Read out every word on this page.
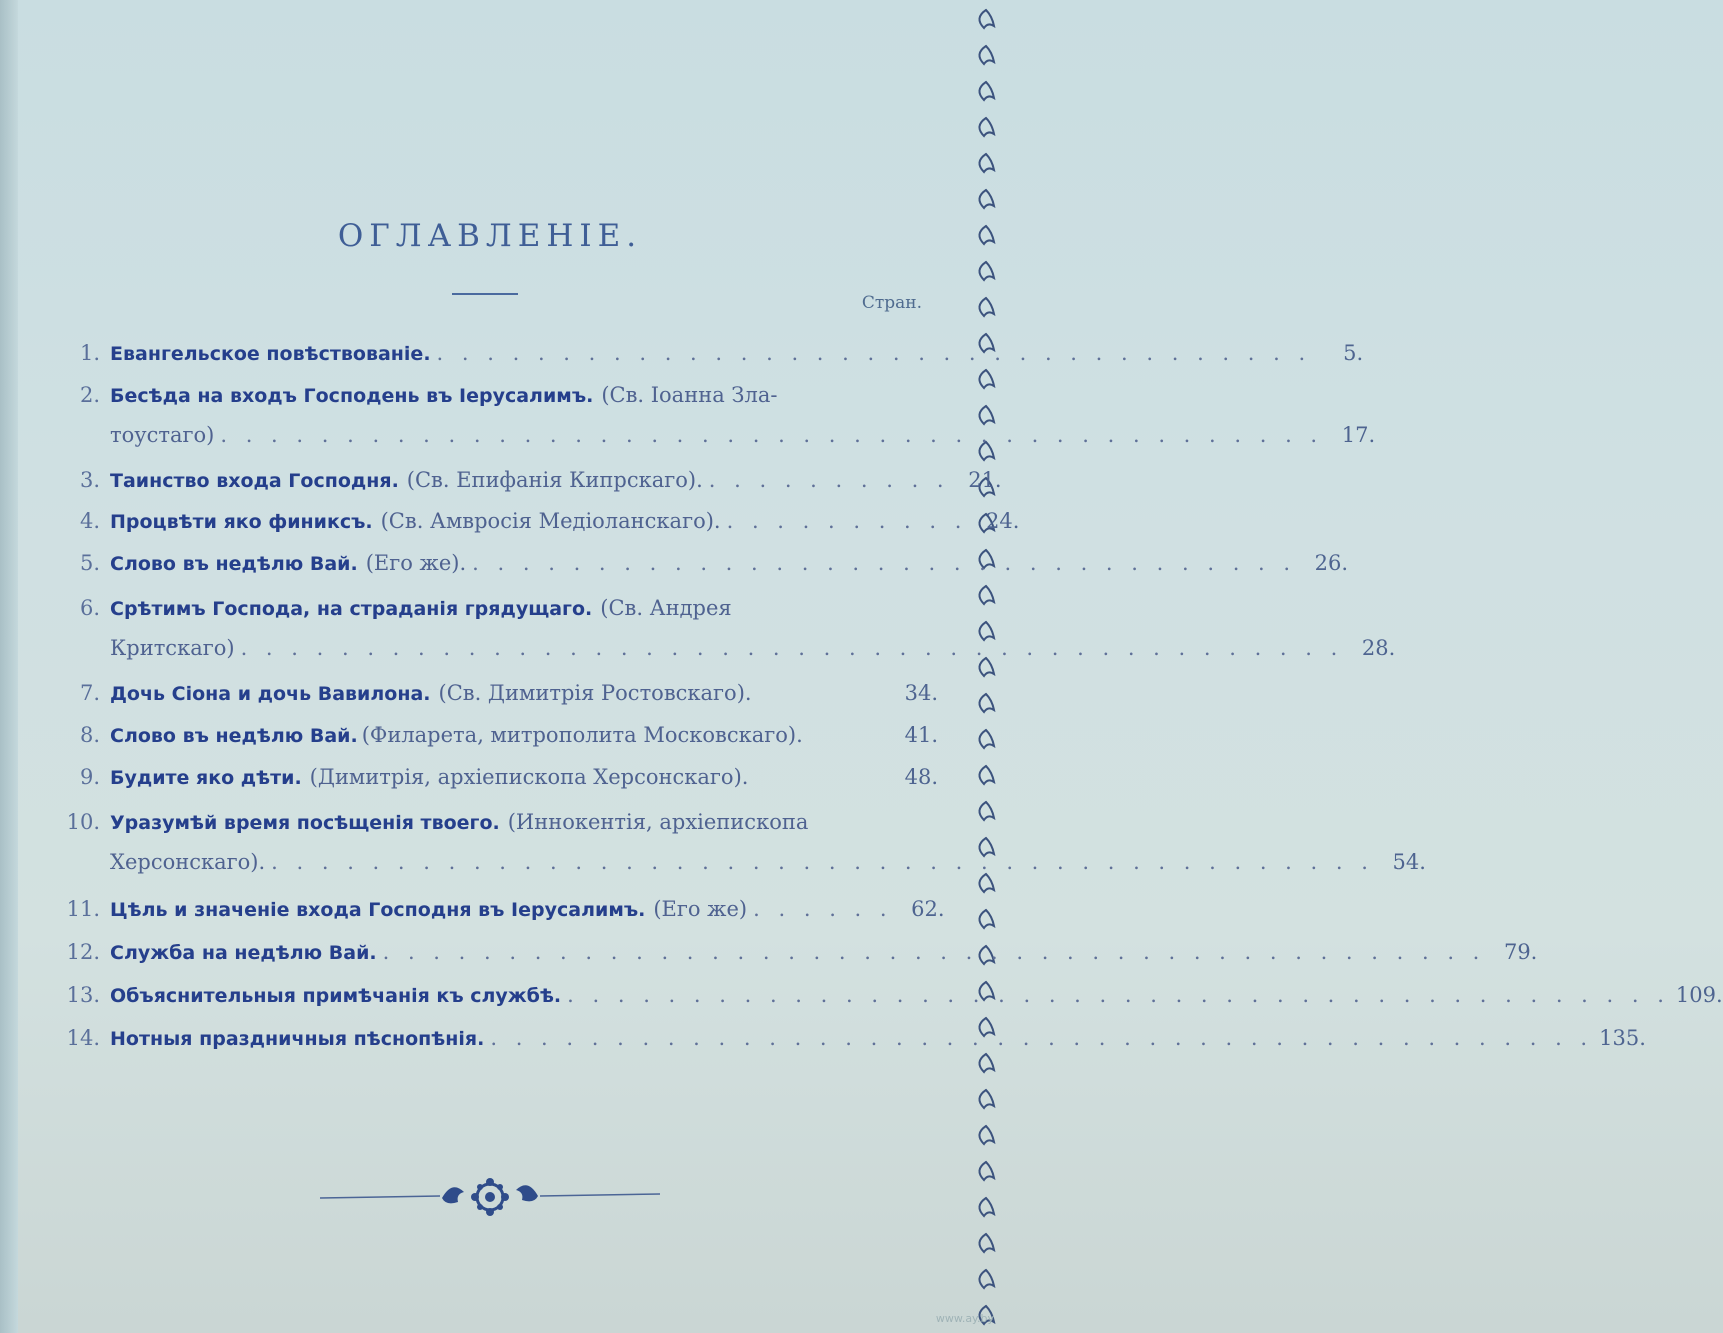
ОГЛАВЛЕНІЕ.
Стран.
1. Евангельское повѣствованіе. . . . . . . . . . . . . . . . . . . . . . . . . . . . . . . . . . . .	5.
2. Бесѣда на входъ Господень въ Іерусалимъ. (Св. Іоанна Зла-
тоустаго) . . . . . . . . . . . . . . . . . . . . . . . . . . . . . . . . . . . . . . . . . . . . 17.
3. Таинство входа Господня. (Св. Епифанія Кипрскаго). . . . . . . . . . . 21.
4. Процвѣти яко финиксъ. (Св. Амвросія Медіоланскаго). . . . . . . . . . . 24.
5. Слово въ недѣлю Вай. (Его же). . . . . . . . . . . . . . . . . . . . . . . . . . . . . . . . . . 26.
6. Срѣтимъ Господа, на страданія грядущаго. (Св. Андрея
Критскаго) . . . . . . . . . . . . . . . . . . . . . . . . . . . . . . . . . . . . . . . . . . . . 28.
7. Дочь Сіона и дочь Вавилона. (Св. Димитрія Ростовскаго).	34.
8. Слово въ недѣлю Вай. (Филарета, митрополита Московскаго).	41.
9. Будите яко дѣти. (Димитрія, архіепископа Херсонскаго).	48.
10. Уразумѣй время посѣщенія твоего. (Иннокентія, архіепископа
Херсонскаго). . . . . . . . . . . . . . . . . . . . . . . . . . . . . . . . . . . . . . . . . . . . . 54.
11. Цѣль и значеніе входа Господня въ Іерусалимъ. (Его же) . . . . . . 62.
12. Служба на недѣлю Вай. . . . . . . . . . . . . . . . . . . . . . . . . . . . . . . . . . . . . . . . . . . . . 79.
13. Объяснительныя примѣчанія къ службѣ. . . . . . . . . . . . . . . . . . . . . . . . . . . . . . . . . . . . . . . . . . . . . 109.
14. Нотныя праздничныя пѣснопѣнія. . . . . . . . . . . . . . . . . . . . . . . . . . . . . . . . . . . . . . . . . . . . . 135.
www.ay.by
